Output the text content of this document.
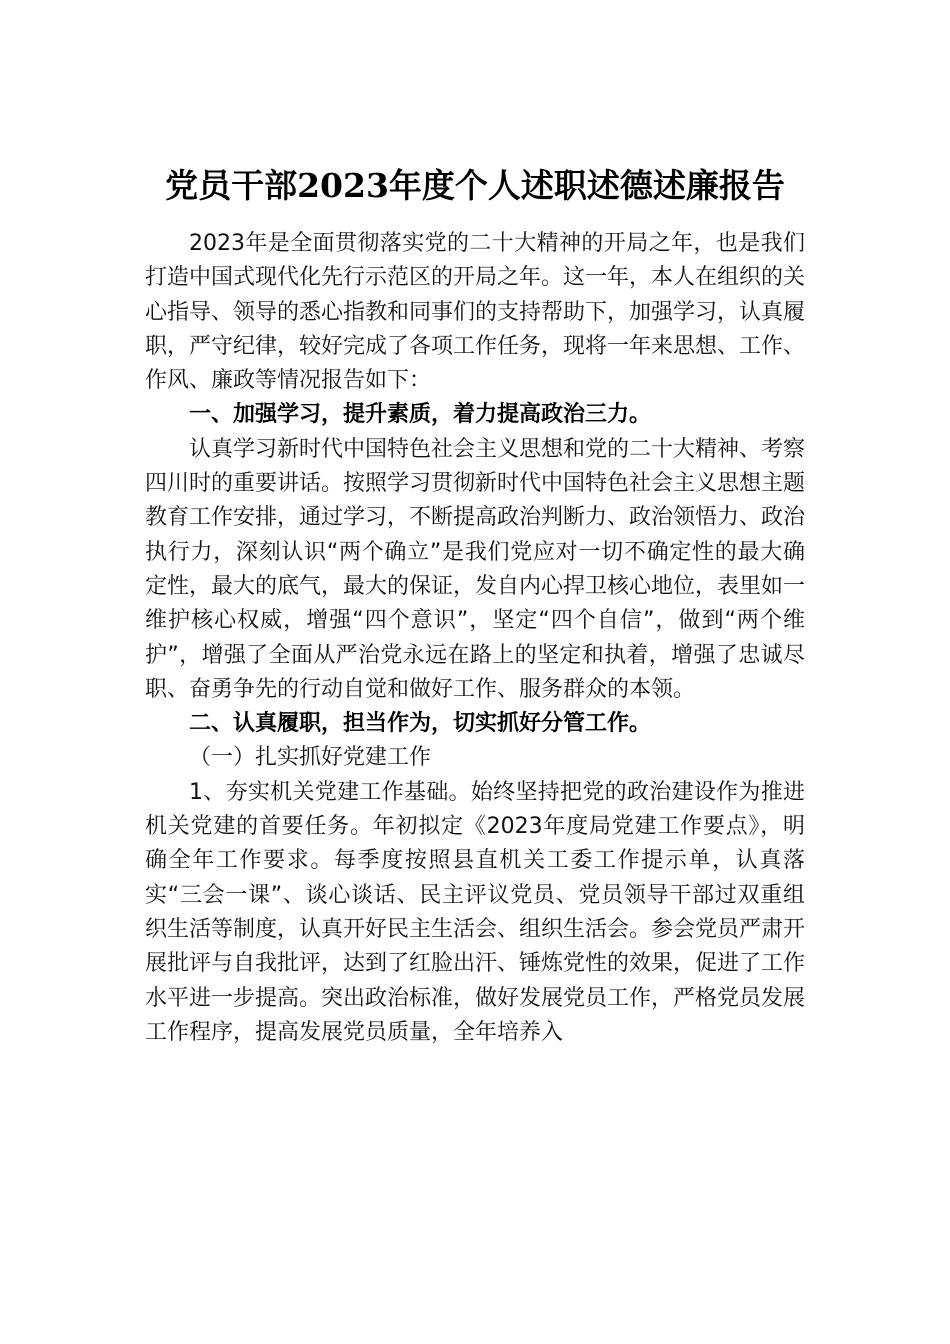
党员干部2023年度个人述职述德述廉报告

2023年是全面贯彻落实党的二十大精神的开局之年，也是我们打造中国式现代化先行示范区的开局之年。这一年，本人在组织的关心指导、领导的悉心指教和同事们的支持帮助下，加强学习，认真履职，严守纪律，较好完成了各项工作任务，现将一年来思想、工作、作风、廉政等情况报告如下：

一、加强学习，提升素质，着力提高政治三力。

认真学习新时代中国特色社会主义思想和党的二十大精神、考察四川时的重要讲话。按照学习贯彻新时代中国特色社会主义思想主题教育工作安排，通过学习，不断提高政治判断力、政治领悟力、政治执行力，深刻认识“两个确立”是我们党应对一切不确定性的最大确定性，最大的底气，最大的保证，发自内心捍卫核心地位，表里如一维护核心权威，增强“四个意识”，坚定“四个自信”，做到“两个维护”，增强了全面从严治党永远在路上的坚定和执着，增强了忠诚尽职、奋勇争先的行动自觉和做好工作、服务群众的本领。

二、认真履职，担当作为，切实抓好分管工作。
（一）扎实抓好党建工作

1、夯实机关党建工作基础。始终坚持把党的政治建设作为推进机关党建的首要任务。年初拟定《2023年度局党建工作要点》，明确全年工作要求。每季度按照县直机关工委工作提示单，认真落实“三会一课”、谈心谈话、民主评议党员、党员领导干部过双重组织生活等制度，认真开好民主生活会、组织生活会。参会党员严肃开展批评与自我批评，达到了红脸出汗、锤炼党性的效果，促进了工作水平进一步提高。突出政治标准，做好发展党员工作，严格党员发展工作程序，提高发展党员质量，全年培养入
